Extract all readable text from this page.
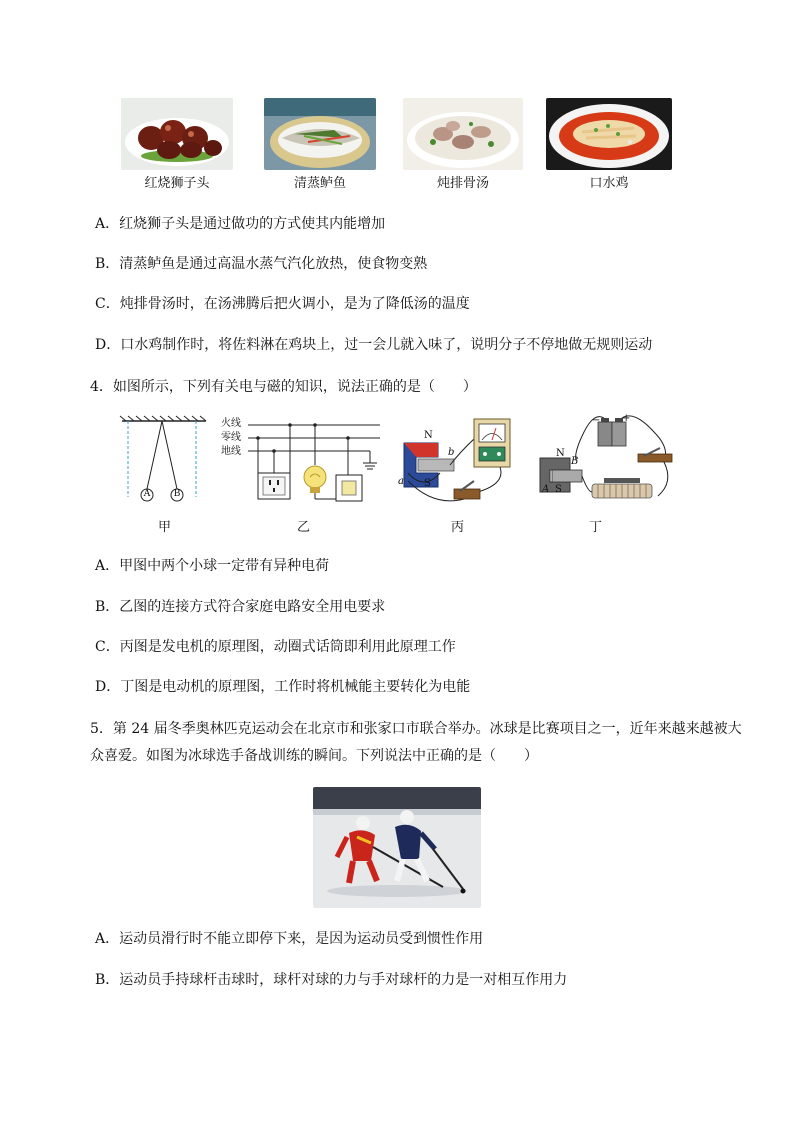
红烧狮子头	清蒸鲈鱼	炖排骨汤	口水鸡
A．红烧狮子头是通过做功的方式使其内能增加
B．清蒸鲈鱼是通过高温水蒸气汽化放热，使食物变熟
C．炖排骨汤时，在汤沸腾后把火调小，是为了降低汤的温度
D．口水鸡制作时，将佐料淋在鸡块上，过一会儿就入味了，说明分子不停地做无规则运动
4．如图所示，下列有关电与磁的知识，说法正确的是（　　）
A	B
甲
火线
零线
地线
乙
N
S
a
b
丙
N
S
A
B
− +
丁
A．甲图中两个小球一定带有异种电荷
B．乙图的连接方式符合家庭电路安全用电要求
C．丙图是发电机的原理图，动圈式话筒即利用此原理工作
D．丁图是电动机的原理图，工作时将机械能主要转化为电能
5．第 24 届冬季奥林匹克运动会在北京市和张家口市联合举办。冰球是比赛项目之一，近年来越来越被大
众喜爱。如图为冰球选手备战训练的瞬间。下列说法中正确的是（　　）
A．运动员滑行时不能立即停下来，是因为运动员受到惯性作用
B．运动员手持球杆击球时，球杆对球的力与手对球杆的力是一对相互作用力
